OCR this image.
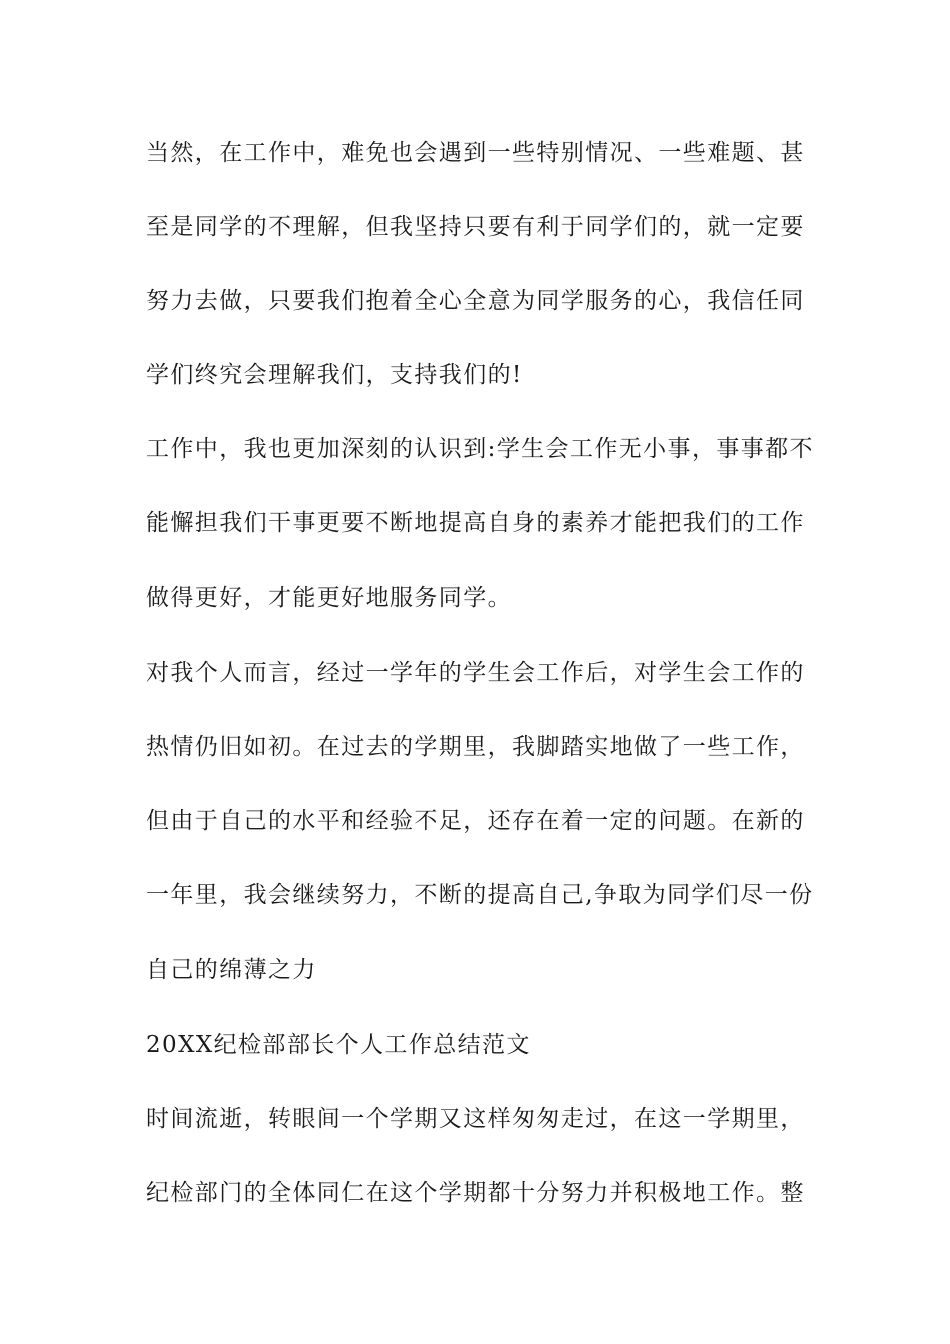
当然，在工作中，难免也会遇到一些特别情况、一些难题、甚
至是同学的不理解，但我坚持只要有利于同学们的，就一定要
努力去做，只要我们抱着全心全意为同学服务的心，我信任同
学们终究会理解我们，支持我们的!
工作中，我也更加深刻的认识到:学生会工作无小事，事事都不
能懈担我们干事更要不断地提高自身的素养才能把我们的工作
做得更好，才能更好地服务同学。
对我个人而言，经过一学年的学生会工作后，对学生会工作的
热情仍旧如初。在过去的学期里，我脚踏实地做了一些工作，
但由于自己的水平和经验不足，还存在着一定的问题。在新的
一年里，我会继续努力，不断的提高自己,争取为同学们尽一份
自己的绵薄之力
20XX纪检部部长个人工作总结范文
时间流逝，转眼间一个学期又这样匆匆走过，在这一学期里，
纪检部门的全体同仁在这个学期都十分努力并积极地工作。整
